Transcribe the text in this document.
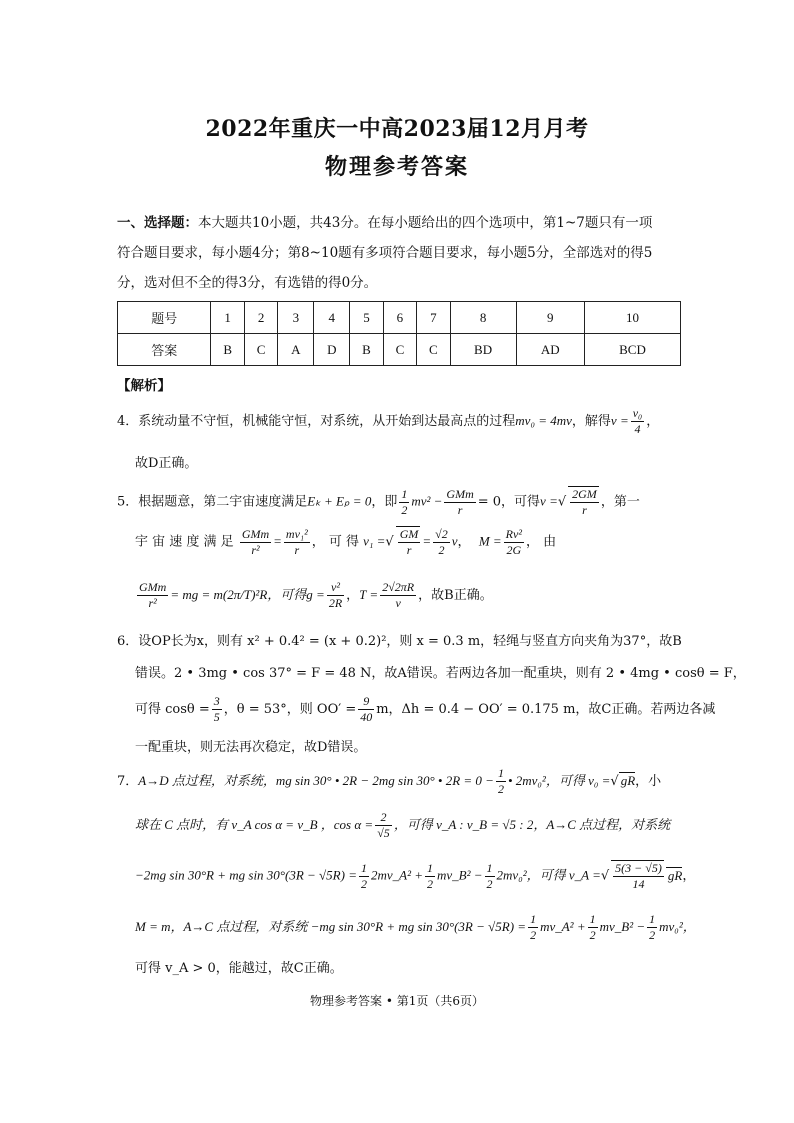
2022年重庆一中高2023届12月月考
物理参考答案
一、选择题：本大题共10小题，共43分。在每小题给出的四个选项中，第1~7题只有一项
符合题目要求，每小题4分；第8~10题有多项符合题目要求，每小题5分，全部选对的得5
分，选对但不全的得3分，有选错的得0分。
题号	1	2	3	4	5	6	7	8	9	10
答案	B	C	A	D	B	C	C	BD	AD	BCD
【解析】
4．系统动量不守恒，机械能守恒，对系统，从开始到达最高点的过程mv₀ = 4mv，解得$v = \frac{\text{v₀}}{4}$ ，
故D正确。
5．根据题意，第二宇宙速度满足Eₖ + Eₚ = 0，即 $\frac{1}{2} mv^2 - \frac{\text{GMm}}{r} = 0$，可得v =√ $\frac{2GM}{r}$ ，第一
宇 宙 速 度 满 足 $\frac{\text{GMm}}{\text{r²}} = \frac{\text{mv₁²}}{r}$ ， 可 得 v₁ =√ $\frac{GM}{r} = \frac{√2}{2}$ v， $M = \frac{\text{Rv²}}{2G}$ ， 由
$\frac{\text{GMm}}{\text{r²}}$ = mg = m(2π/T)²R，可得$g = \frac{\text{v²}}{2R}$ ，$T = \frac{2√2\pi R}{v}$ ，故B正确。
6．设OP长为x，则有 x² + 0.4² = (x + 0.2)²，则 x = 0.3 m，轻绳与竖直方向夹角为37°，故B
错误。2 • 3mg • cos 37° = F = 48 N，故A错误。若两边各加一配重块，则有 2 • 4mg • cosθ = F，
可得 $\cos\theta = \frac{3}{5}$ ，θ = 53°，则 $OO' = \frac{9}{40}$ m，Δh = 0.4 − OO′ = 0.175 m，故C正确。若两边各减
一配重块，则无法再次稳定，故D错误。
7．A→D 点过程，对系统，mg sin 30° • 2R − 2mg sin 30° • $2R = 0 - \frac{1}{2}$ • 2mv₀²，可得 v₀ =√ gR，小
球在 C 点时，有 v_A cos α = v_B ，$\cos \alpha = \frac{2}{√5}$ ，可得 v_A : v_B = √5 : 2，A→C 点过程，对系统
−2mg sin 30°R + mg $\sin 30^\circ(3R - √5R) = \frac{1}{2}$ 2mv_A² + $\frac{1}{2}$ mv_B² − $\frac{1}{2} 2mv_0^2$，可得 v_A =√ $\frac{5(3 - √5)}{14}$ gR，
M = m，A→C 点过程，对系统 −mg sin 30°R + mg $\sin 30^\circ(3R - √5R) = \frac{1}{2}$ mv_A² + $\frac{1}{2}$ mv_B² − $\frac{1}{2} mv_0^2$，
可得 v_A > 0，能越过，故C正确。
物理参考答案 • 第1页（共6页）
